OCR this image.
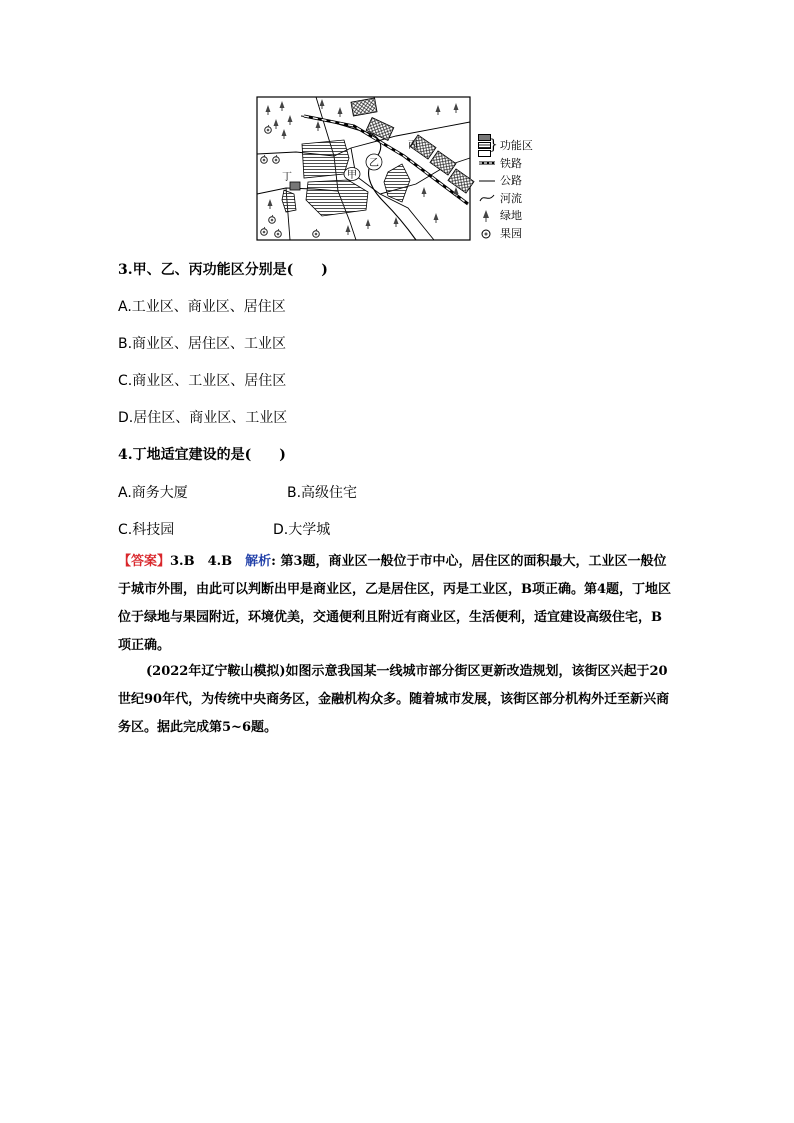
甲
乙
丙
丁
} 功能区
铁路
公路
河流
绿地
果园
3.甲、乙、丙功能区分别是(　　)
A.工业区、商业区、居住区
B.商业区、居住区、工业区
C.商业区、工业区、居住区
D.居住区、商业区、工业区
4.丁地适宜建设的是(　　)
A.商务大厦	B.高级住宅
C.科技园	D.大学城
【答案】3.B　4.B　解析: 第3题，商业区一般位于市中心，居住区的面积最大，工业区一般位于城市外围，由此可以判断出甲是商业区，乙是居住区，丙是工业区，B项正确。第4题，丁地区位于绿地与果园附近，环境优美，交通便利且附近有商业区，生活便利，适宜建设高级住宅，B项正确。
(2022年辽宁鞍山模拟)如图示意我国某一线城市部分街区更新改造规划，该街区兴起于20世纪90年代，为传统中央商务区，金融机构众多。随着城市发展，该街区部分机构外迁至新兴商务区。据此完成第5~6题。
